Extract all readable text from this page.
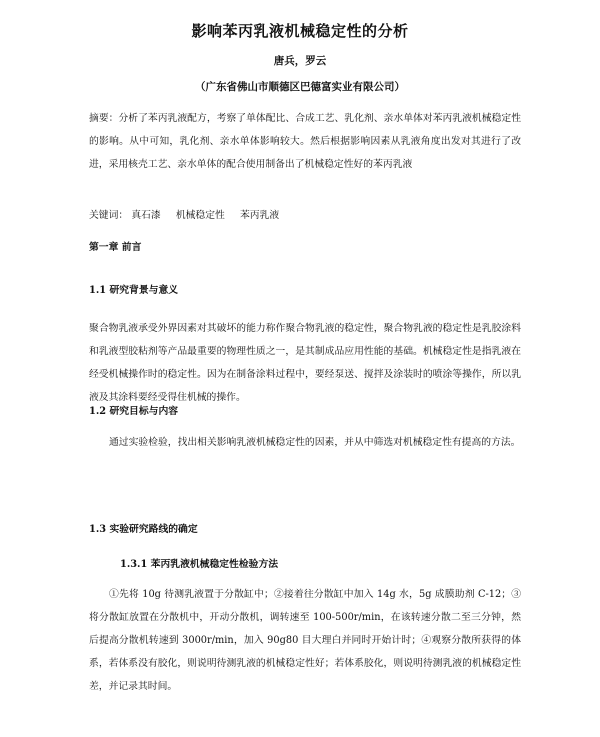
影响苯丙乳液机械稳定性的分析
唐兵，罗云
（广东省佛山市顺德区巴德富实业有限公司）

摘要：分析了苯丙乳液配方，考察了单体配比、合成工艺、乳化剂、亲水单体对苯丙乳液机械稳定性的影响。从中可知，乳化剂、亲水单体影响较大。然后根据影响因素从乳液角度出发对其进行了改进，采用核壳工艺、亲水单体的配合使用制备出了机械稳定性好的苯丙乳液

关键词： 真石漆 机械稳定性 苯丙乳液
第一章 前言
1.1 研究背景与意义

聚合物乳液承受外界因素对其破坏的能力称作聚合物乳液的稳定性，聚合物乳液的稳定性是乳胶涂料和乳液型胶粘剂等产品最重要的物理性质之一，是其制成品应用性能的基础。机械稳定性是指乳液在经受机械操作时的稳定性。因为在制备涂料过程中，要经泵送、搅拌及涂装时的喷涂等操作，所以乳液及其涂料要经受得住机械的操作。

1.2 研究目标与内容

通过实验检验，找出相关影响乳液机械稳定性的因素，并从中筛选对机械稳定性有提高的方法。

1.3 实验研究路线的确定
1.3.1 苯丙乳液机械稳定性检验方法

①先将 10g 待测乳液置于分散缸中；②接着往分散缸中加入 14g 水，5g 成膜助剂 C-12；③将分散缸放置在分散机中，开动分散机，调转速至 100-500r/min，在该转速分散二至三分钟，然后提高分散机转速到 3000r/min，加入 90g80 目大理白并同时开始计时；④观察分散所获得的体系，若体系没有胶化，则说明待测乳液的机械稳定性好；若体系胶化，则说明待测乳液的机械稳定性差，并记录其时间。
